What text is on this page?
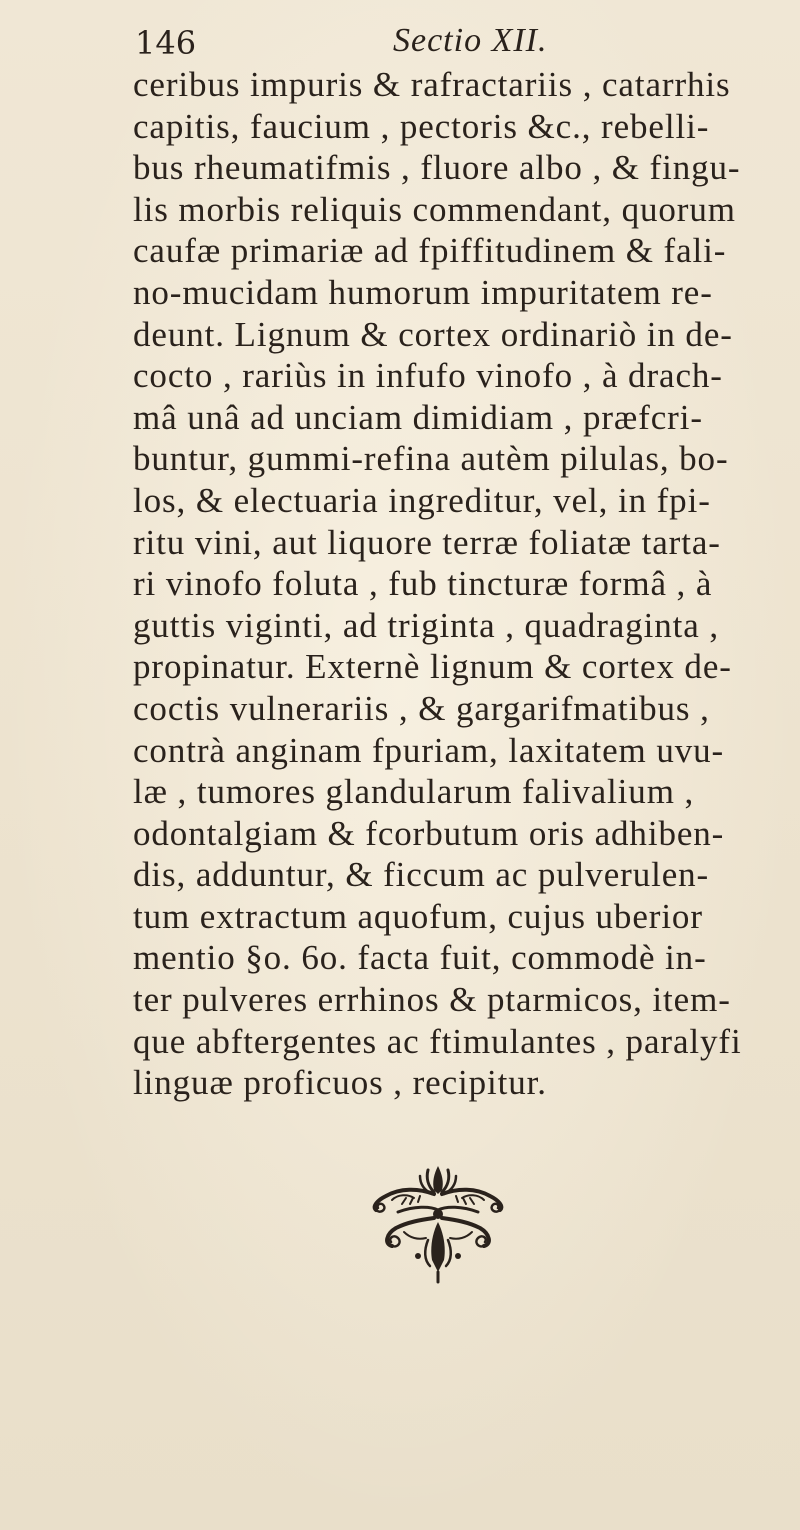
146	Sectio XII.
ceribus impuris & rafractariis , catarrhis
capitis, faucium , pectoris &c., rebelli-
bus rheumatifmis , fluore albo , & fingu-
lis morbis reliquis commendant, quorum
caufæ primariæ ad fpiffitudinem & fali-
no-mucidam humorum impuritatem re-
deunt. Lignum & cortex ordinariò in de-
cocto , rariùs in infufo vinofo , à drach-
mâ unâ ad unciam dimidiam , præfcri-
buntur, gummi-refina autèm pilulas, bo-
los, & electuaria ingreditur, vel, in fpi-
ritu vini, aut liquore terræ foliatæ tarta-
ri vinofo foluta , fub tincturæ formâ , à
guttis viginti, ad triginta , quadraginta ,
propinatur. Externè lignum & cortex de-
coctis vulnerariis , & gargarifmatibus ,
contrà anginam fpuriam, laxitatem uvu-
læ , tumores glandularum falivalium ,
odontalgiam & fcorbutum oris adhiben-
dis, adduntur, & ficcum ac pulverulen-
tum extractum aquofum, cujus uberior
mentio §o. 6o. facta fuit, commodè in-
ter pulveres errhinos & ptarmicos, item-
que abftergentes ac ftimulantes , paralyfi
linguæ proficuos , recipitur.
